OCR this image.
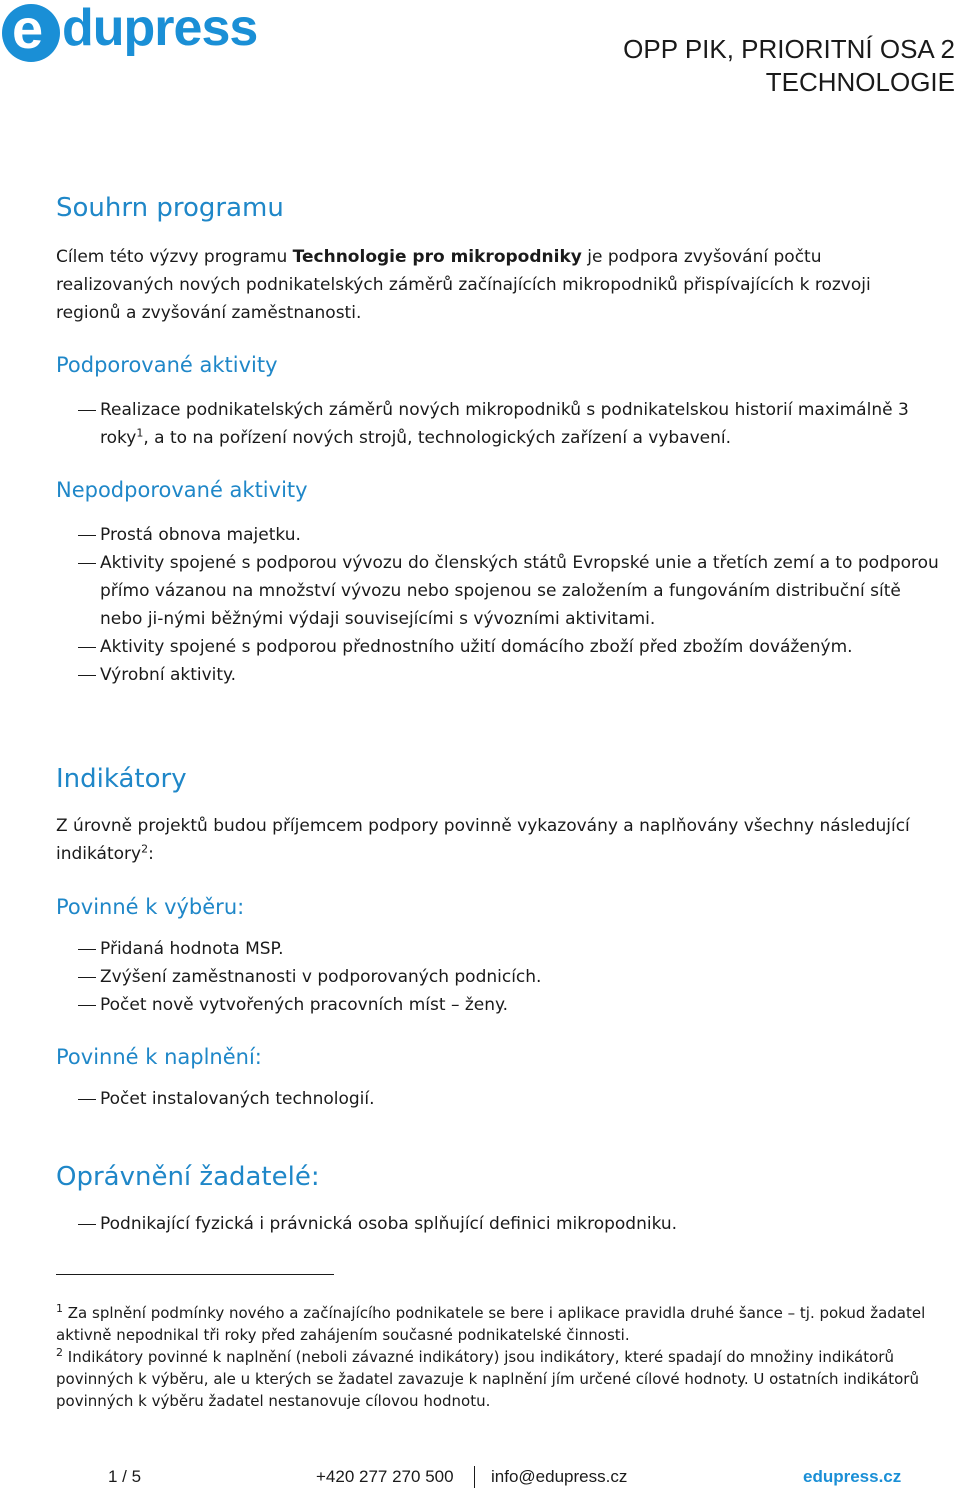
e dupress	OPP PIK, PRIORITNÍ OSA 2
TECHNOLOGIE
Souhrn programu

Cílem této výzvy programu Technologie pro mikropodniky je podpora zvyšování počtu realizovaných nových podnikatelských záměrů začínajících mikropodniků přispívajících k rozvoji regionů a zvyšování zaměstnanosti.

Podporované aktivity
Realizace podnikatelských záměrů nových mikropodniků s podnikatelskou historií maximálně 3 roky$^1$, a to na pořízení nových strojů, technologických zařízení a vybavení.
Nepodporované aktivity
Prostá obnova majetku.
Aktivity spojené s podporou vývozu do členských států Evropské unie a třetích zemí a to podporou přímo vázanou na množství vývozu nebo spojenou se založením a fungováním distribuční sítě nebo ji-nými běžnými výdaji souvisejícími s vývozními aktivitami.
Aktivity spojené s podporou přednostního užití domácího zboží před zbožím dováženým.
Výrobní aktivity.
Indikátory

Z úrovně projektů budou příjemcem podpory povinně vykazovány a naplňovány všechny následující indikátory$^2$:

Povinné k výběru:
Přidaná hodnota MSP.
Zvýšení zaměstnanosti v podporovaných podnicích.
Počet nově vytvořených pracovních míst – ženy.
Povinné k naplnění:
Počet instalovaných technologií.
Oprávnění žadatelé:
Podnikající fyzická i právnická osoba splňující definici mikropodniku.

$^1$ Za splnění podmínky nového a začínajícího podnikatele se bere i aplikace pravidla druhé šance – tj. pokud žadatel aktivně nepodnikal tři roky před zahájením současné podnikatelské činnosti.

$^2$ Indikátory povinné k naplnění (neboli závazné indikátory) jsou indikátory, které spadají do množiny indikátorů povinných k výběru, ale u kterých se žadatel zavazuje k naplnění jím určené cílové hodnoty. U ostatních indikátorů povinných k výběru žadatel nestanovuje cílovou hodnotu.

1 / 5	+420 277 270 500 info@edupress.cz	edupress.cz
